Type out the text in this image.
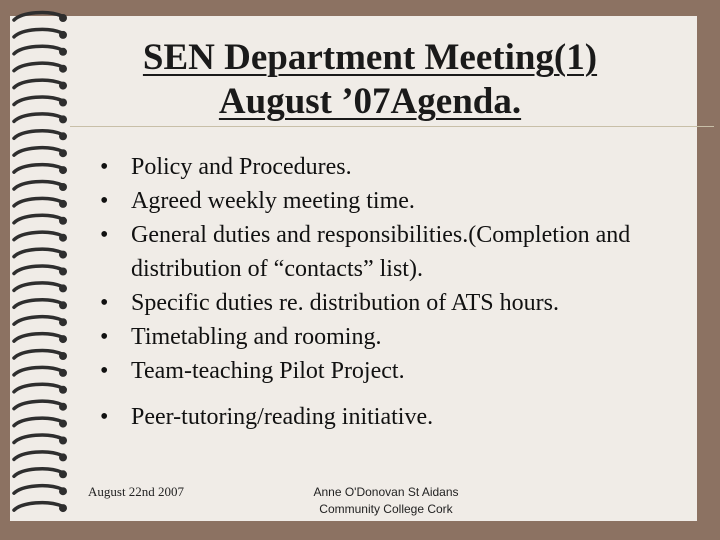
SEN Department Meeting(1)
August ’07Agenda.
• Policy and Procedures.
• Agreed weekly meeting time.
• General duties and responsibilities.(Completion and distribution of “contacts” list).
• Specific duties re. distribution of ATS hours.
• Timetabling and rooming.
• Team-teaching Pilot Project.
• Peer-tutoring/reading initiative.
August 22nd 2007	Anne O'Donovan St Aidans
Community College Cork
